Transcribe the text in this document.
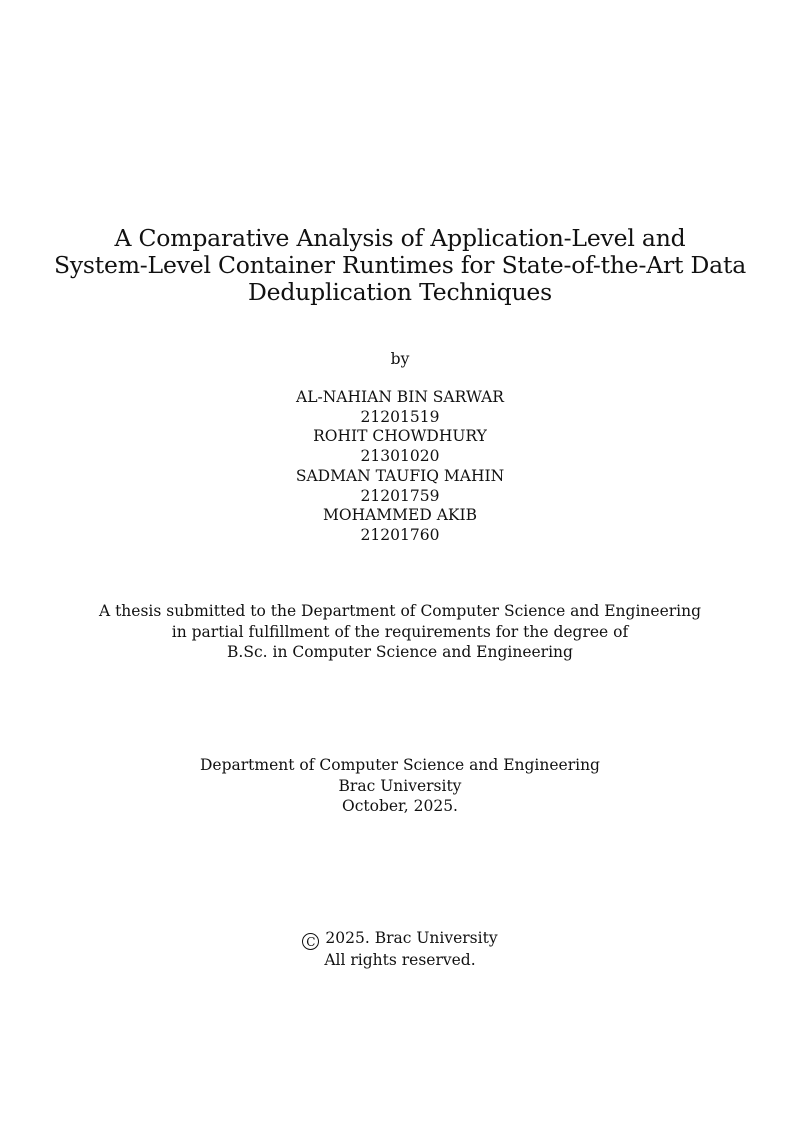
A Comparative Analysis of Application-Level and
System-Level Container Runtimes for State-of-the-Art Data
Deduplication Techniques
by
AL-NAHIAN BIN SARWAR
21201519
ROHIT CHOWDHURY
21301020
SADMAN TAUFIQ MAHIN
21201759
MOHAMMED AKIB
21201760
A thesis submitted to the Department of Computer Science and Engineering
in partial fulfillment of the requirements for the degree of
B.Sc. in Computer Science and Engineering
Department of Computer Science and Engineering
Brac University
October, 2025.
C 2025. Brac University
All rights reserved.
